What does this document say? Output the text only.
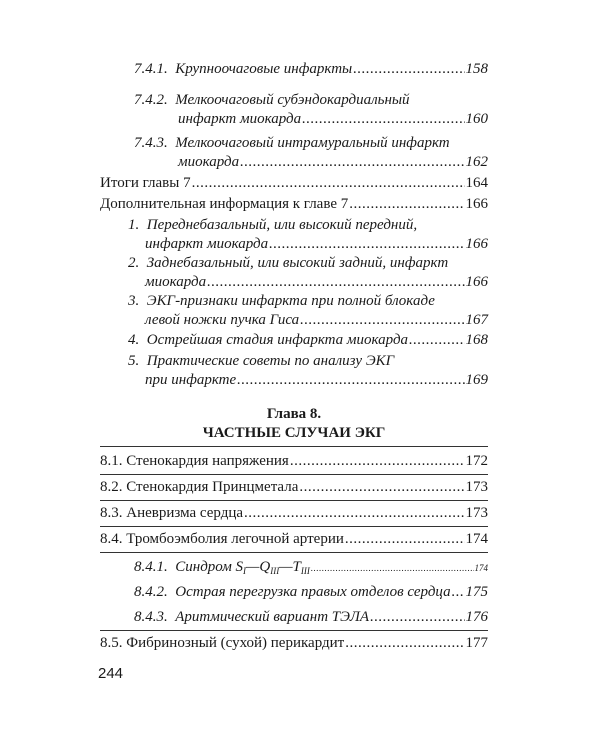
7.4.1.
Крупноочаговые инфаркты .....	158
7.4.2.
Мелкоочаговый субэндокардиальный
инфаркт миокарда .....	160
7.4.3.
Мелкоочаговый интрамуральный инфаркт
миокарда .....	162
Итоги главы 7 .....	164
Дополнительная информация к главе 7 .....	166
1.
Переднебазальный, или высокий передний,
инфаркт миокарда .....	166
2.
Заднебазальный, или высокий задний, инфаркт
миокарда .....	166
3.
ЭКГ-признаки инфаркта при полной блокаде
левой ножки пучка Гиса .....	167
4.
Острейшая стадия инфаркта миокарда .....	168
5.
Практические советы по анализу ЭКГ
при инфаркте .....	169
Глава 8.
ЧАСТНЫЕ СЛУЧАИ ЭКГ
8.1.
Стенокардия напряжения .....	172
8.2.
Стенокардия Принцметала .....	173
8.3.
Аневризма сердца .....	173
8.4.
Тромбоэмболия легочной артерии .....	174
8.4.1.
Синдром
$S_I—Q_{III}—T_{III}$ .....	174
8.4.2.
Острая перегрузка правых отделов сердца ..... 175
8.4.3.
Аритмический вариант ТЭЛА .....	176
8.5.
Фибринозный (сухой) перикардит .....	177
244
